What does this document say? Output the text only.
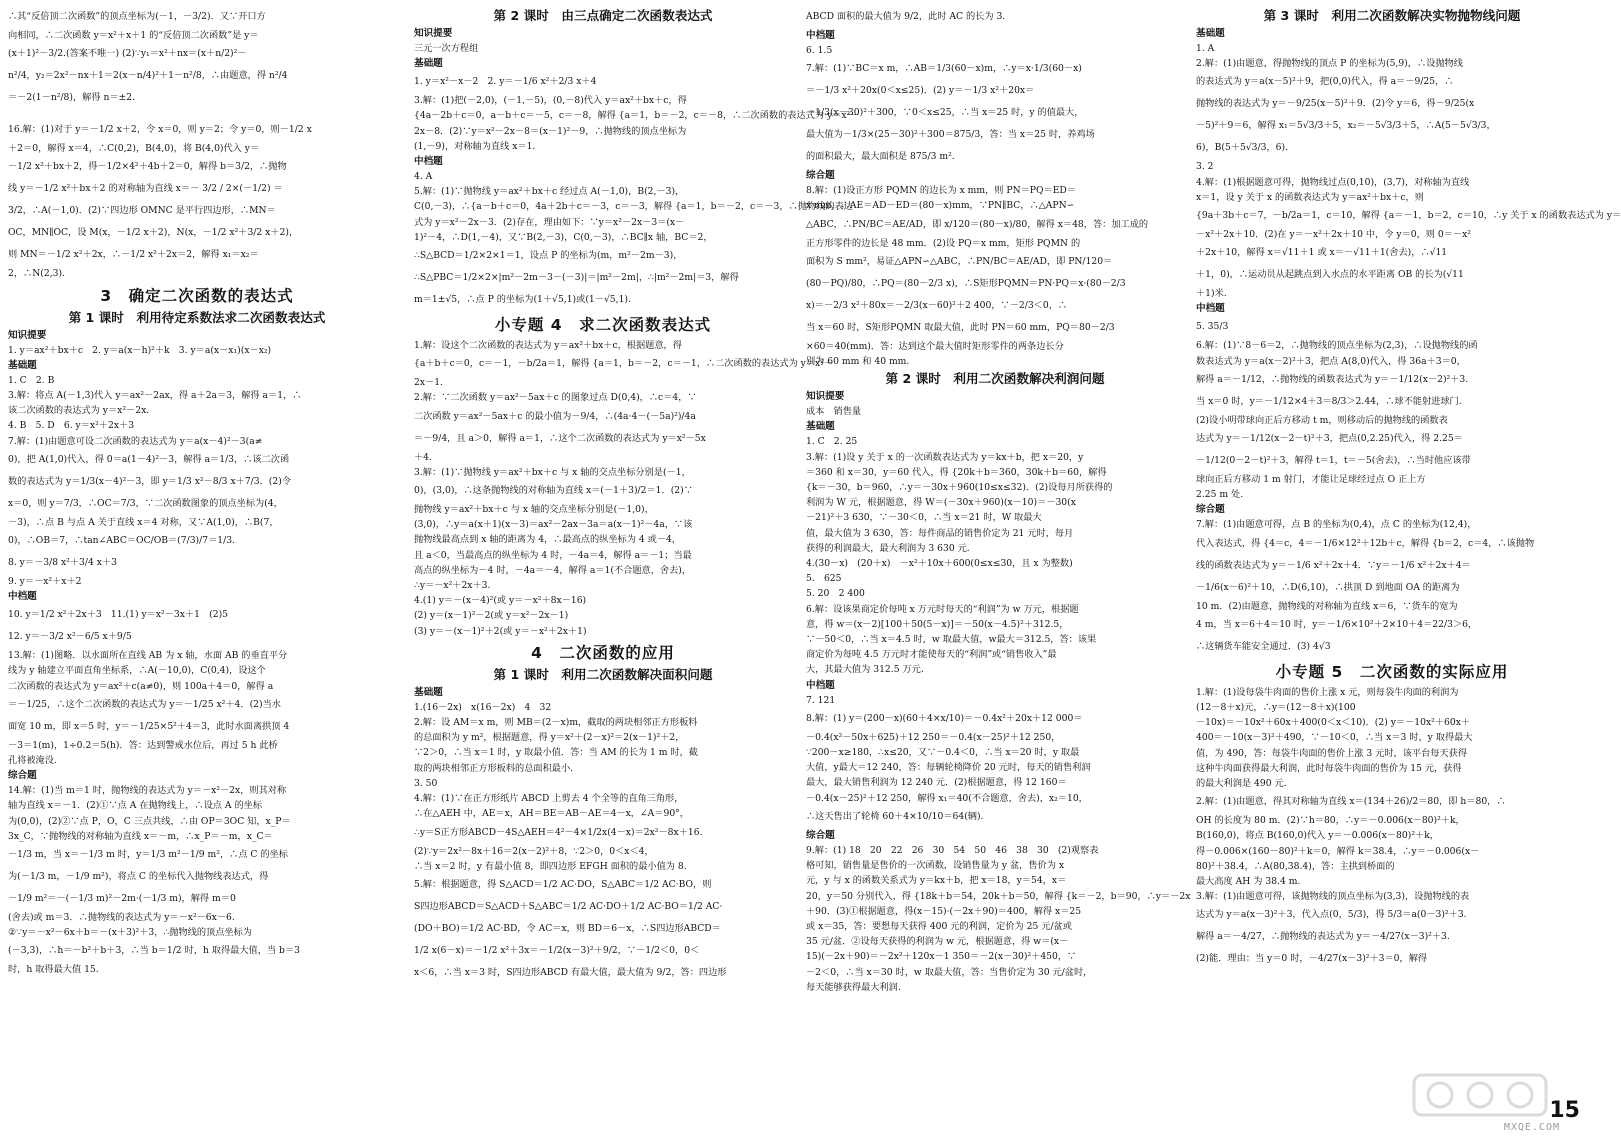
∴其“反倍顶二次函数”的顶点坐标为(－1，－3/2)．又∵开口方
向相同，∴二次函数 y＝x²＋x＋1 的“反倍顶二次函数”是 y＝
(x＋1)²－3/2.(答案不唯一) (2)∵y₁＝x²＋nx＝(x＋n/2)²－
n²/4，y₂＝2x²－nx＋1＝2(x－n/4)²＋1－n²/8，∴由题意，得 n²/4
＝－2(1－n²/8)，解得 n＝±2.
16.解：(1)对于 y＝－1/2 x＋2，令 x＝0，则 y＝2；令 y＝0，则－1/2 x
＋2＝0，解得 x＝4，∴C(0,2)，B(4,0)，将 B(4,0)代入 y＝
－1/2 x²＋bx＋2，得－1/2×4²＋4b＋2＝0，解得 b＝3/2，∴抛物
线 y＝－1/2 x²＋bx＋2 的对称轴为直线 x＝－ 3/2 / 2×(－1/2) ＝
3/2，∴A(－1,0)．(2)∵四边形 OMNC 是平行四边形，∴MN＝
OC，MN∥OC，设 M(x，－1/2 x＋2)，N(x，－1/2 x²＋3/2 x＋2)，
则 MN＝－1/2 x²＋2x，∴－1/2 x²＋2x＝2，解得 x₁＝x₂＝
2，∴N(2,3).
3　确定二次函数的表达式
第 1 课时　利用待定系数法求二次函数表达式
知识提要
1. y＝ax²＋bx＋c　2. y＝a(x－h)²＋k　3. y＝a(x－x₁)(x－x₂)
基础题
1. C　2. B
3.解：将点 A(－1,3)代入 y＝ax²－2ax，得 a＋2a＝3，解得 a＝1，∴
该二次函数的表达式为 y＝x²－2x.
4. B　5. D　6. y＝x²＋2x＋3
7.解：(1)由题意可设二次函数的表达式为 y＝a(x－4)²－3(a≠
0)，把 A(1,0)代入，得 0＝a(1－4)²－3，解得 a＝1/3，∴该二次函
数的表达式为 y＝1/3(x－4)²－3，即 y＝1/3 x²－8/3 x＋7/3．(2)令
x＝0，则 y＝7/3，∴OC＝7/3，∵二次函数图象的顶点坐标为(4，
－3)，∴点 B 与点 A 关于直线 x＝4 对称，又∵A(1,0)，∴B(7，
0)，∴OB＝7，∴tan∠ABC＝OC/OB＝(7/3)/7＝1/3.
8. y＝－3/8 x²＋3/4 x＋3
9. y＝－x²＋x＋2
中档题
10. y＝1/2 x²＋2x＋3　11.(1) y＝x²－3x＋1　(2)5
12. y＝－3/2 x²－6/5 x＋9/5
13.解：(1)图略．以水面所在直线 AB 为 x 轴，水面 AB 的垂直平分
线为 y 轴建立平面直角坐标系，∴A(－10,0)，C(0,4)，设这个
二次函数的表达式为 y＝ax²＋c(a≠0)，则 100a＋4＝0，解得 a
＝－1/25，∴这个二次函数的表达式为 y＝－1/25 x²＋4．(2)当水
面宽 10 m，即 x＝5 时，y＝－1/25×5²＋4＝3，此时水面离拱顶 4
－3＝1(m)，1÷0.2＝5(h)．答：达到警戒水位后，再过 5 h 此桥
孔将被淹没.
综合题
14.解：(1)当 m＝1 时，抛物线的表达式为 y＝－x²－2x，则其对称
轴为直线 x＝－1．(2)①∵点 A 在抛物线上，∴设点 A 的坐标
为(0,0)，(2)②∵点 P，O，C 三点共线，∴由 OP＝3OC 知，x_P＝
3x_C，∵抛物线的对称轴为直线 x＝－m，∴x_P＝－m，x_C＝
－1/3 m，当 x＝－1/3 m 时，y＝1/3 m²－1/9 m²，∴点 C 的坐标
为(－1/3 m，－1/9 m²)，将点 C 的坐标代入抛物线表达式，得
－1/9 m²＝－(－1/3 m)²－2m·(－1/3 m)，解得 m＝0
(舍去)或 m＝3．∴抛物线的表达式为 y＝－x²－6x－6.
②∵y＝－x²－6x＋b＝－(x＋3)²＋3，∴抛物线的顶点坐标为
(－3,3)，∴h＝－b²＋b＋3，∴当 b＝1/2 时，h 取得最大值，当 b＝3
时，h 取得最大值 15.
第 2 课时　由三点确定二次函数表达式
知识提要
三元一次方程组
基础题
1. y＝x²－x－2　2. y＝－1/6 x²＋2/3 x＋4
3.解：(1)把(－2,0)，(－1,－5)，(0,－8)代入 y＝ax²＋bx＋c，得
{4a－2b＋c＝0，a－b＋c＝－5，c＝－8，解得 {a＝1，b＝－2，c＝－8，∴二次函数的表达式为 y＝x²－
2x－8．(2)∵y＝x²－2x－8＝(x－1)²－9，∴抛物线的顶点坐标为
(1,－9)，对称轴为直线 x＝1.
中档题
4. A
5.解：(1)∵抛物线 y＝ax²＋bx＋c 经过点 A(－1,0)，B(2,－3)，
C(0,－3)，∴{a－b＋c＝0，4a＋2b＋c＝－3，c＝－3，解得 {a＝1，b＝－2，c＝－3，∴抛物线的表达
式为 y＝x²－2x－3．(2)存在，理由如下：∵y＝x²－2x－3＝(x－
1)²－4，∴D(1,－4)，又∵B(2,－3)，C(0,－3)，∴BC∥x 轴，BC＝2，
∴S△BCD＝1/2×2×1＝1，设点 P 的坐标为(m，m²－2m－3)，
∴S△PBC＝1/2×2×|m²－2m－3－(－3)|＝|m²－2m|，∴|m²－2m|＝3，解得
m＝1±√5，∴点 P 的坐标为(1＋√5,1)或(1－√5,1).
小专题 4　求二次函数表达式
1.解：设这个二次函数的表达式为 y＝ax²＋bx＋c，根据题意，得
{a＋b＋c＝0，c＝－1，－b/2a＝1，解得 {a＝1，b＝－2，c＝－1，∴二次函数的表达式为 y＝x²－
2x－1.
2.解：∵二次函数 y＝ax²－5ax＋c 的图象过点 D(0,4)，∴c＝4，∵
二次函数 y＝ax²－5ax＋c 的最小值为－9/4，∴(4a·4－(－5a)²)/4a
＝－9/4，且 a＞0，解得 a＝1，∴这个二次函数的表达式为 y＝x²－5x
＋4.
3.解：(1)∵抛物线 y＝ax²＋bx＋c 与 x 轴的交点坐标分别是(－1，
0)，(3,0)，∴这条抛物线的对称轴为直线 x＝(－1＋3)/2＝1．(2)∵
抛物线 y＝ax²＋bx＋c 与 x 轴的交点坐标分别是(－1,0)，
(3,0)，∴y＝a(x＋1)(x－3)＝ax²－2ax－3a＝a(x－1)²－4a，∵该
抛物线最高点到 x 轴的距离为 4，∴最高点的纵坐标为 4 或－4，
且 a＜0，当最高点的纵坐标为 4 时，－4a＝4，解得 a＝－1；当最
高点的纵坐标为－4 时，－4a＝－4，解得 a＝1(不合题意，舍去)，
∴y＝－x²＋2x＋3.
4.(1) y＝－(x－4)²(或 y＝－x²＋8x－16)
(2) y＝(x－1)²－2(或 y＝x²－2x－1)
(3) y＝－(x－1)²＋2(或 y＝－x²＋2x＋1)
4　二次函数的应用
第 1 课时　利用二次函数解决面积问题
基础题
1.(16－2x)　x(16－2x)　4　32
2.解：设 AM＝x m，则 MB＝(2－x)m，截取的两块相邻正方形板料
的总面积为 y m²，根据题意，得 y＝x²＋(2－x)²＝2(x－1)²＋2，
∵2＞0，∴当 x＝1 时，y 取最小值．答：当 AM 的长为 1 m 时，截
取的两块相邻正方形板料的总面积最小.
3. 50
4.解：(1)∵在正方形纸片 ABCD 上剪去 4 个全等的直角三角形，
∴在△AEH 中，AE＝x，AH＝BE＝AB－AE＝4－x，∠A＝90°，
∴y＝S正方形ABCD－4S△AEH＝4²－4×1/2x(4－x)＝2x²－8x＋16.
(2)∵y＝2x²－8x＋16＝2(x－2)²＋8，∵2＞0，0＜x＜4，
∴当 x＝2 时，y 有最小值 8，即四边形 EFGH 面积的最小值为 8.
5.解：根据题意，得 S△ACD＝1/2 AC·DO，S△ABC＝1/2 AC·BO，则
S四边形ABCD＝S△ACD＋S△ABC＝1/2 AC·DO＋1/2 AC·BO＝1/2 AC·
(DO＋BO)＝1/2 AC·BD，令 AC＝x，则 BD＝6－x，∴S四边形ABCD＝
1/2 x(6－x)＝－1/2 x²＋3x＝－1/2(x－3)²＋9/2，∵－1/2＜0，0＜
x＜6，∴当 x＝3 时，S四边形ABCD 有最大值，最大值为 9/2，答：四边形
ABCD 面积的最大值为 9/2，此时 AC 的长为 3.
中档题
6. 1.5
7.解：(1)∵BC＝x m，∴AB＝1/3(60－x)m，∴y＝x·1/3(60－x)
＝－1/3 x²＋20x(0＜x≤25)．(2) y＝－1/3 x²＋20x＝
－1/3(x－30)²＋300，∵0＜x≤25，∴当 x＝25 时，y 的值最大，
最大值为－1/3×(25－30)²＋300＝875/3，答：当 x＝25 时，养鸡场
的面积最大，最大面积是 875/3 m².
综合题
8.解：(1)设正方形 PQMN 的边长为 x mm，则 PN＝PQ＝ED＝
x mm，∴AE＝AD－ED＝(80－x)mm，∵PN∥BC，∴△APN∽
△ABC，∴PN/BC＝AE/AD，即 x/120＝(80－x)/80，解得 x＝48，答：加工成的
正方形零件的边长是 48 mm．(2)设 PQ＝x mm，矩形 PQMN 的
面积为 S mm²，易证△APN∽△ABC，∴PN/BC＝AE/AD，即 PN/120＝
(80－PQ)/80，∴PQ＝(80－2/3 x)，∴S矩形PQMN＝PN·PQ＝x·(80－2/3
x)＝－2/3 x²＋80x＝－2/3(x－60)²＋2 400，∵－2/3＜0，∴
当 x＝60 时，S矩形PQMN 取最大值，此时 PN＝60 mm，PQ＝80－2/3
×60＝40(mm)．答：达到这个最大值时矩形零件的两条边长分
别为 60 mm 和 40 mm.
第 2 课时　利用二次函数解决利润问题
知识提要
成本　销售量
基础题
1. C　2. 25
3.解：(1)设 y 关于 x 的一次函数表达式为 y＝kx＋b，把 x＝20，y
＝360 和 x＝30，y＝60 代入，得 {20k＋b＝360，30k＋b＝60，解得
{k＝－30，b＝960，∴y＝－30x＋960(10≤x≤32)．(2)设每月所获得的
利润为 W 元，根据题意，得 W＝(－30x＋960)(x－10)＝－30(x
－21)²＋3 630，∵－30＜0，∴当 x＝21 时，W 取最大
值，最大值为 3 630，答：每件商品的销售价定为 21 元时，每月
获得的利润最大，最大利润为 3 630 元.
4.(30－x)　(20＋x)　－x²＋10x＋600(0≤x≤30，且 x 为整数)
5.　625
5. 20　2 400
6.解：设该果商定价每吨 x 万元时每天的“利润”为 w 万元，根据题
意，得 w＝(x－2)[100＋50(5－x)]＝－50(x－4.5)²＋312.5，
∵－50＜0，∴当 x＝4.5 时，w 取最大值，w最大＝312.5，答：该果
商定价为每吨 4.5 万元时才能使每天的“利润”或“销售收入”最
大，其最大值为 312.5 万元.
中档题
7. 121
8.解：(1) y＝(200－x)(60＋4×x/10)＝－0.4x²＋20x＋12 000＝
－0.4(x²－50x＋625)＋12 250＝－0.4(x－25)²＋12 250，
∵200－x≥180，∴x≤20，又∵－0.4＜0，∴当 x＝20 时，y 取最
大值，y最大＝12 240，答：每辆轮椅降价 20 元时，每天的销售利润
最大，最大销售利润为 12 240 元．(2)根据题意，得 12 160＝
－0.4(x－25)²＋12 250，解得 x₁＝40(不合题意，舍去)，x₂＝10，
∴这天售出了轮椅 60＋4×10/10＝64(辆).
综合题
9.解：(1) 18　20　22　26　30　54　50　46　38　30　(2)观察表
格可知，销售量是售价的一次函数，设销售量为 y 盆，售价为 x
元，y 与 x 的函数关系式为 y＝kx＋b，把 x＝18，y＝54，x＝
20，y＝50 分别代入，得 {18k＋b＝54，20k＋b＝50，解得 {k＝－2，b＝90，∴y＝－2x
＋90．(3)①根据题意，得(x－15)·(－2x＋90)＝400，解得 x＝25
或 x＝35，答：要想每天获得 400 元的利润，定价为 25 元/盆或
35 元/盆．②设每天获得的利润为 w 元，根据题意，得 w＝(x－
15)(－2x＋90)＝－2x²＋120x－1 350＝－2(x－30)²＋450，∵
－2＜0，∴当 x＝30 时，w 取最大值，答：当售价定为 30 元/盆时，
每天能够获得最大利润.
第 3 课时　利用二次函数解决实物抛物线问题
基础题
1. A
2.解：(1)由题意，得抛物线的顶点 P 的坐标为(5,9)，∴设抛物线
的表达式为 y＝a(x－5)²＋9，把(0,0)代入，得 a＝－9/25，∴
抛物线的表达式为 y＝－9/25(x－5)²＋9．(2)令 y＝6，得－9/25(x
－5)²＋9＝6，解得 x₁＝5√3/3＋5，x₂＝－5√3/3＋5，∴A(5－5√3/3，
6)，B(5＋5√3/3，6).
3. 2
4.解：(1)根据题意可得，抛物线过点(0,10)，(3,7)，对称轴为直线
x＝1，设 y 关于 x 的函数表达式为 y＝ax²＋bx＋c，则
{9a＋3b＋c＝7，－b/2a＝1，c＝10，解得 {a＝－1，b＝2，c＝10，∴y 关于 x 的函数表达式为 y＝
－x²＋2x＋10．(2)在 y＝－x²＋2x＋10 中，令 y＝0，则 0＝－x²
＋2x＋10，解得 x＝√11＋1 或 x＝－√11＋1(舍去)，∴√11
＋1，0)，∴运动员从起跳点到入水点的水平距离 OB 的长为(√11
＋1)米.
中档题
5. 35/3
6.解：(1)∵8－6＝2，∴抛物线的顶点坐标为(2,3)，∴设抛物线的函
数表达式为 y＝a(x－2)²＋3，把点 A(8,0)代入，得 36a＋3＝0，
解得 a＝－1/12，∴抛物线的函数表达式为 y＝－1/12(x－2)²＋3.
当 x＝0 时，y＝－1/12×4＋3＝8/3＞2.44，∴球不能射进球门.
(2)设小明带球向正后方移动 t m，则移动后的抛物线的函数表
达式为 y＝－1/12(x－2－t)²＋3，把点(0,2.25)代入，得 2.25＝
－1/12(0－2－t)²＋3，解得 t＝1，t＝－5(舍去)，∴当时他应该带
球向正后方移动 1 m 射门，才能让足球经过点 O 正上方
2.25 m 处.
综合题
7.解：(1)由题意可得，点 B 的坐标为(0,4)，点 C 的坐标为(12,4)，
代入表达式，得 {4＝c，4＝－1/6×12²＋12b＋c，解得 {b＝2，c＝4，∴该抛物
线的函数表达式为 y＝－1/6 x²＋2x＋4．∵y＝－1/6 x²＋2x＋4＝
－1/6(x－6)²＋10，∴D(6,10)，∴拱顶 D 到地面 OA 的距离为
10 m．(2)由题意，抛物线的对称轴为直线 x＝6，∵货车的宽为
4 m，当 x＝6＋4＝10 时，y＝－1/6×10²＋2×10＋4＝22/3＞6，
∴这辆货车能安全通过．(3) 4√3
小专题 5　二次函数的实际应用
1.解：(1)设每袋牛肉面的售价上涨 x 元，则每袋牛肉面的利润为
(12－8＋x)元，∴y＝(12－8＋x)(100
－10x)＝－10x²＋60x＋400(0＜x＜10)．(2) y＝－10x²＋60x＋
400＝－10(x－3)²＋490，∵－10＜0，∴当 x＝3 时，y 取得最大
值，为 490，答：每袋牛肉面的售价上涨 3 元时，该平台每天获得
这种牛肉面获得最大利润，此时每袋牛肉面的售价为 15 元，获得
的最大利润是 490 元.
2.解：(1)由题意，得其对称轴为直线 x＝(134＋26)/2＝80，即 h＝80，∴
OH 的长度为 80 m．(2)∵h＝80，∴y＝－0.006(x－80)²＋k，
B(160,0)，将点 B(160,0)代入 y＝－0.006(x－80)²＋k，
得－0.006×(160－80)²＋k＝0，解得 k＝38.4，∴y＝－0.006(x－
80)²＋38.4，∴A(80,38.4)，答：主拱到桥面的
最大高度 AH 为 38.4 m.
3.解：(1)由题意可得，该抛物线的顶点坐标为(3,3)，设抛物线的表
达式为 y＝a(x－3)²＋3，代入点(0，5/3)，得 5/3＝a(0－3)²＋3.
解得 a＝－4/27，∴抛物线的表达式为 y＝－4/27(x－3)²＋3.
(2)能．理由：当 y＝0 时，－4/27(x－3)²＋3＝0，解得
MXQE.COM
15
